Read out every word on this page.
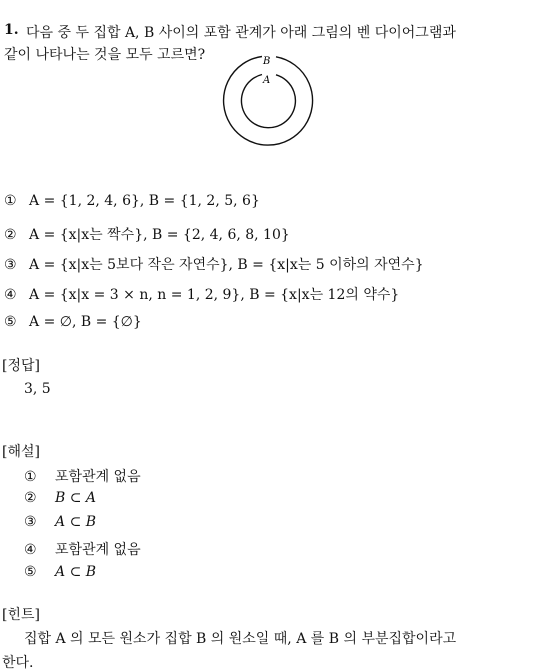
1. 다음 중 두 집합 A, B 사이의 포함 관계가 아래 그림의 벤 다이어그램과
같이 나타나는 것을 모두 고르면?	B
A
① A = {1, 2, 4, 6}, B = {1, 2, 5, 6}
② A = {x|x는 짝수}, B = {2, 4, 6, 8, 10}
③ A = {x|x는 5보다 작은 자연수}, B = {x|x는 5 이하의 자연수}
④ A = {x|x = 3 × n, n = 1, 2, 9}, B = {x|x는 12의 약수}
⑤ A = ∅, B = {∅}
[정답]
3, 5
[해설]
① 포함관계 없음
② B ⊂ A
③ A ⊂ B
④ 포함관계 없음
⑤ A ⊂ B
[힌트]
집합 A 의 모든 원소가 집합 B 의 원소일 때, A 를 B 의 부분집합이라고
한다.
